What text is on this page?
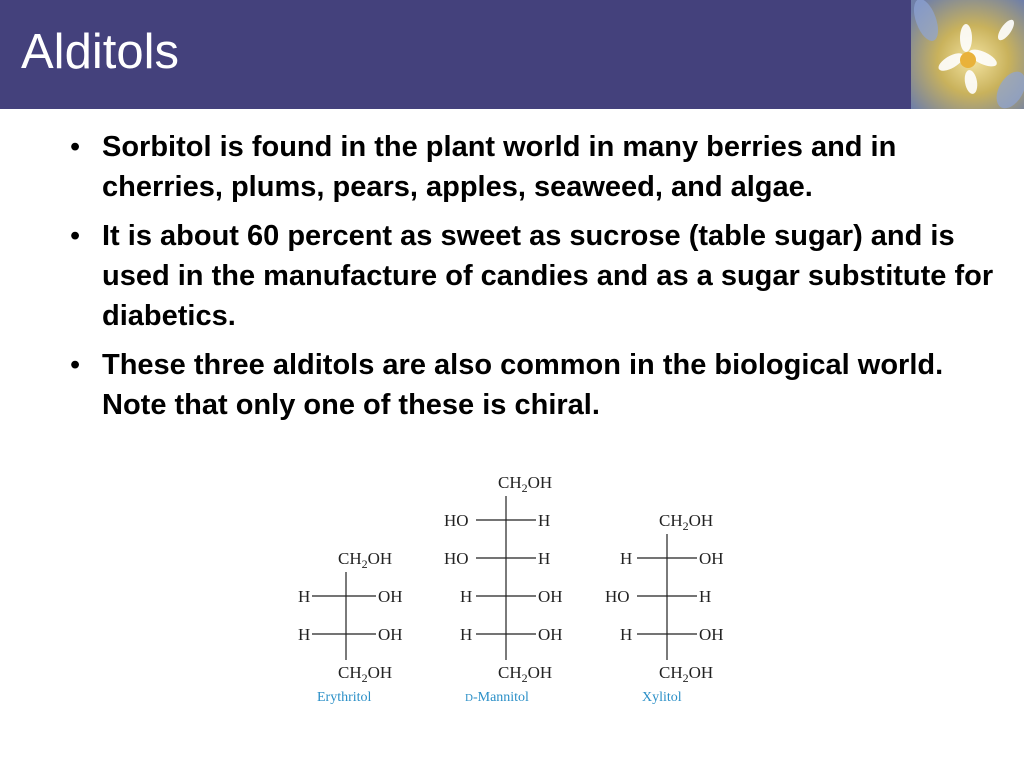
Alditols
• Sorbitol is found in the plant world in many berries and in cherries, plums, pears, apples, seaweed, and algae.
• It is about 60 percent as sweet as sucrose (table sugar) and is used in the manufacture of candies and as a sugar substitute for diabetics.
• These three alditols are also common in the biological world. Note that only one of these is chiral.
$CH_2OH$
H	OH
H	OH
$CH_2OH$
Erythritol
$CH_2OH$
HO	H
HO	H
H	OH
H	OH
$CH_2OH$
D-Mannitol
$CH_2OH$
H	OH
HO	H
H	OH
$CH_2OH$
Xylitol
